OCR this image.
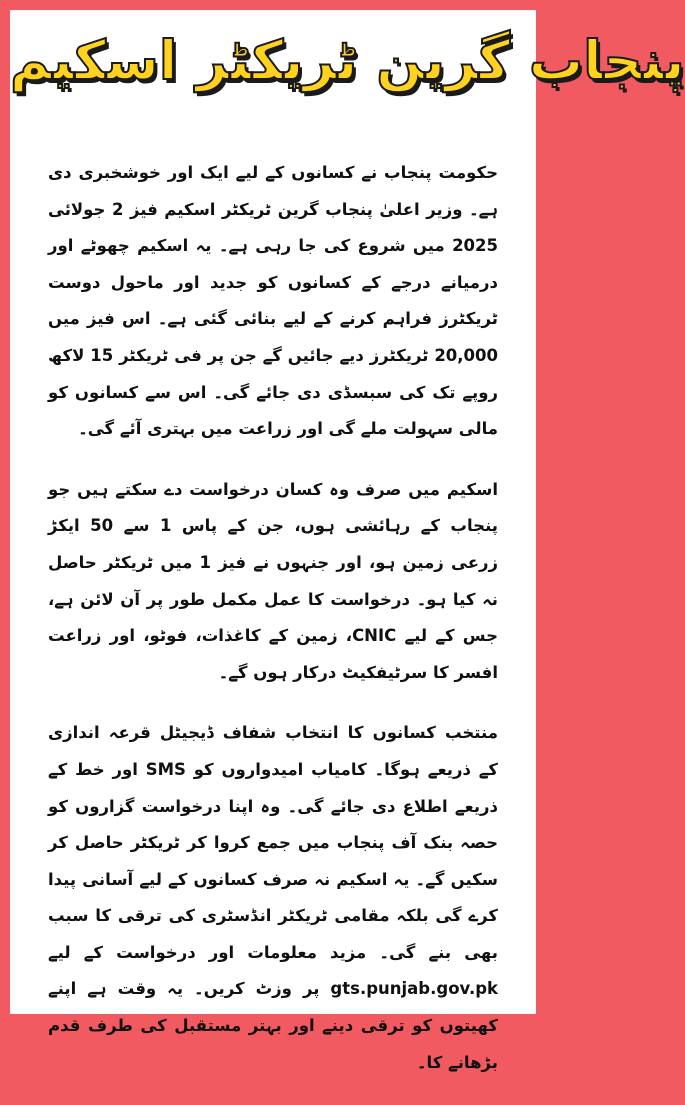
پنجاب گرین ٹریکٹر اسکیم

حکومت پنجاب نے کسانوں کے لیے ایک اور خوشخبری دی ہے۔ وزیر اعلیٰ پنجاب گرین ٹریکٹر اسکیم فیز 2 جولائی 2025 میں شروع کی جا رہی ہے۔ یہ اسکیم چھوٹے اور درمیانے درجے کے کسانوں کو جدید اور ماحول دوست ٹریکٹرز فراہم کرنے کے لیے بنائی گئی ہے۔ اس فیز میں 20,000 ٹریکٹرز دیے جائیں گے جن پر فی ٹریکٹر 15 لاکھ روپے تک کی سبسڈی دی جائے گی۔ اس سے کسانوں کو مالی سہولت ملے گی اور زراعت میں بہتری آئے گی۔

اسکیم میں صرف وہ کسان درخواست دے سکتے ہیں جو پنجاب کے رہائشی ہوں، جن کے پاس 1 سے 50 ایکڑ زرعی زمین ہو، اور جنہوں نے فیز 1 میں ٹریکٹر حاصل نہ کیا ہو۔ درخواست کا عمل مکمل طور پر آن لائن ہے، جس کے لیے CNIC، زمین کے کاغذات، فوٹو، اور زراعت افسر کا سرٹیفکیٹ درکار ہوں گے۔

منتخب کسانوں کا انتخاب شفاف ڈیجیٹل قرعہ اندازی کے ذریعے ہوگا۔ کامیاب امیدواروں کو SMS اور خط کے ذریعے اطلاع دی جائے گی۔ وہ اپنا درخواست گزاروں کو حصہ بنک آف پنجاب میں جمع کروا کر ٹریکٹر حاصل کر سکیں گے۔ یہ اسکیم نہ صرف کسانوں کے لیے آسانی پیدا کرے گی بلکہ مقامی ٹریکٹر انڈسٹری کی ترقی کا سبب بھی بنے گی۔ مزید معلومات اور درخواست کے لیے gts.punjab.gov.pk پر وزٹ کریں۔ یہ وقت ہے اپنے کھیتوں کو ترقی دینے اور بہتر مستقبل کی طرف قدم بڑھانے کا۔
